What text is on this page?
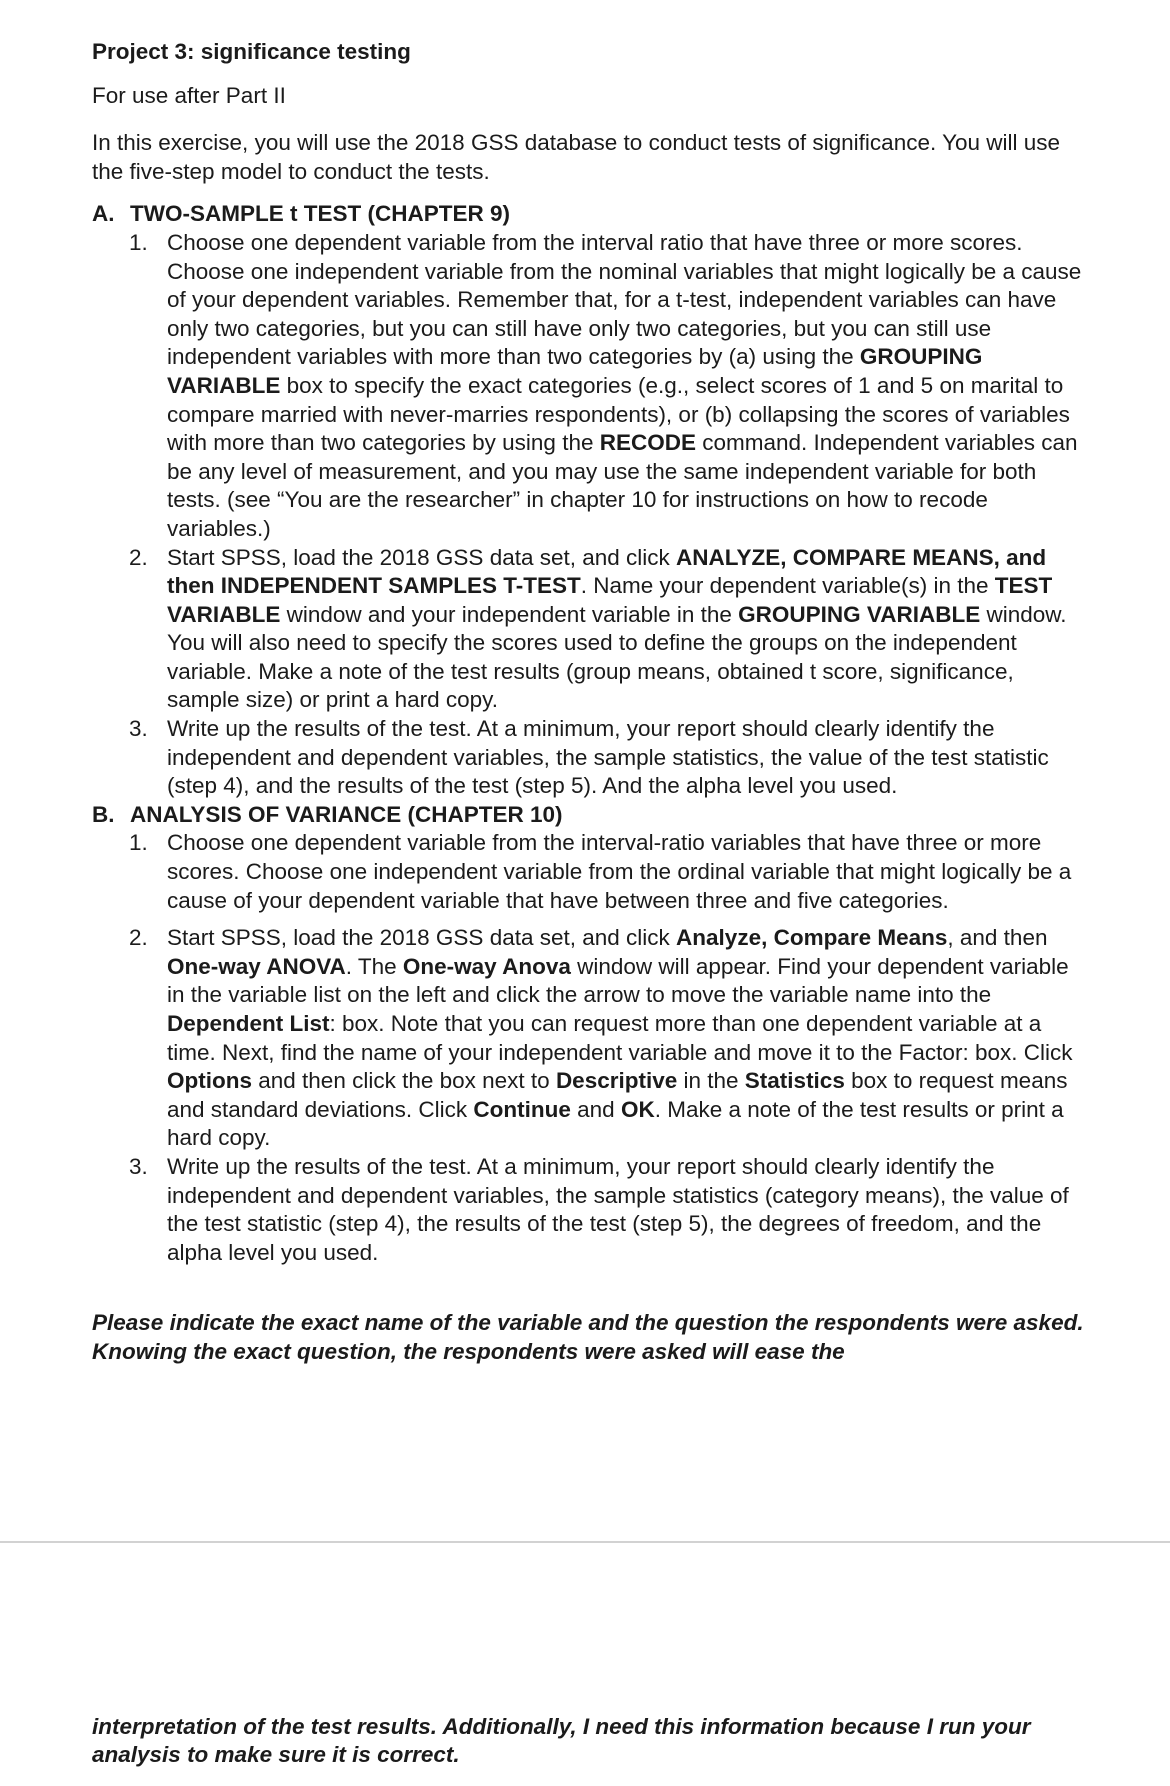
Project 3: significance testing

For use after Part II

In this exercise, you will use the 2018 GSS database to conduct tests of significance. You will use the five-step model to conduct the tests.

A. TWO-SAMPLE t TEST (CHAPTER 9)
1. Choose one dependent variable from the interval ratio that have three or more scores. Choose one independent variable from the nominal variables that might logically be a cause of your dependent variables. Remember that, for a t-test, independent variables can have only two categories, but you can still have only two categories, but you can still use independent variables with more than two categories by (a) using the GROUPING VARIABLE box to specify the exact categories (e.g., select scores of 1 and 5 on marital to compare married with never-marries respondents), or (b) collapsing the scores of variables with more than two categories by using the RECODE command. Independent variables can be any level of measurement, and you may use the same independent variable for both tests. (see “You are the researcher” in chapter 10 for instructions on how to recode variables.)
2. Start SPSS, load the 2018 GSS data set, and click ANALYZE, COMPARE MEANS, and then INDEPENDENT SAMPLES T-TEST. Name your dependent variable(s) in the TEST VARIABLE window and your independent variable in the GROUPING VARIABLE window. You will also need to specify the scores used to define the groups on the independent variable. Make a note of the test results (group means, obtained t score, significance, sample size) or print a hard copy.
3. Write up the results of the test. At a minimum, your report should clearly identify the independent and dependent variables, the sample statistics, the value of the test statistic (step 4), and the results of the test (step 5). And the alpha level you used.
B. ANALYSIS OF VARIANCE (CHAPTER 10)
1. Choose one dependent variable from the interval-ratio variables that have three or more scores. Choose one independent variable from the ordinal variable that might logically be a cause of your dependent variable that have between three and five categories.
2. Start SPSS, load the 2018 GSS data set, and click Analyze, Compare Means, and then One-way ANOVA. The One-way Anova window will appear. Find your dependent variable in the variable list on the left and click the arrow to move the variable name into the Dependent List: box. Note that you can request more than one dependent variable at a time. Next, find the name of your independent variable and move it to the Factor: box. Click Options and then click the box next to Descriptive in the Statistics box to request means and standard deviations. Click Continue and OK. Make a note of the test results or print a hard copy.
3. Write up the results of the test. At a minimum, your report should clearly identify the independent and dependent variables, the sample statistics (category means), the value of the test statistic (step 4), the results of the test (step 5), the degrees of freedom, and the alpha level you used.

Please indicate the exact name of the variable and the question the respondents were asked. Knowing the exact question, the respondents were asked will ease the

interpretation of the test results. Additionally, I need this information because I run your analysis to make sure it is correct.
